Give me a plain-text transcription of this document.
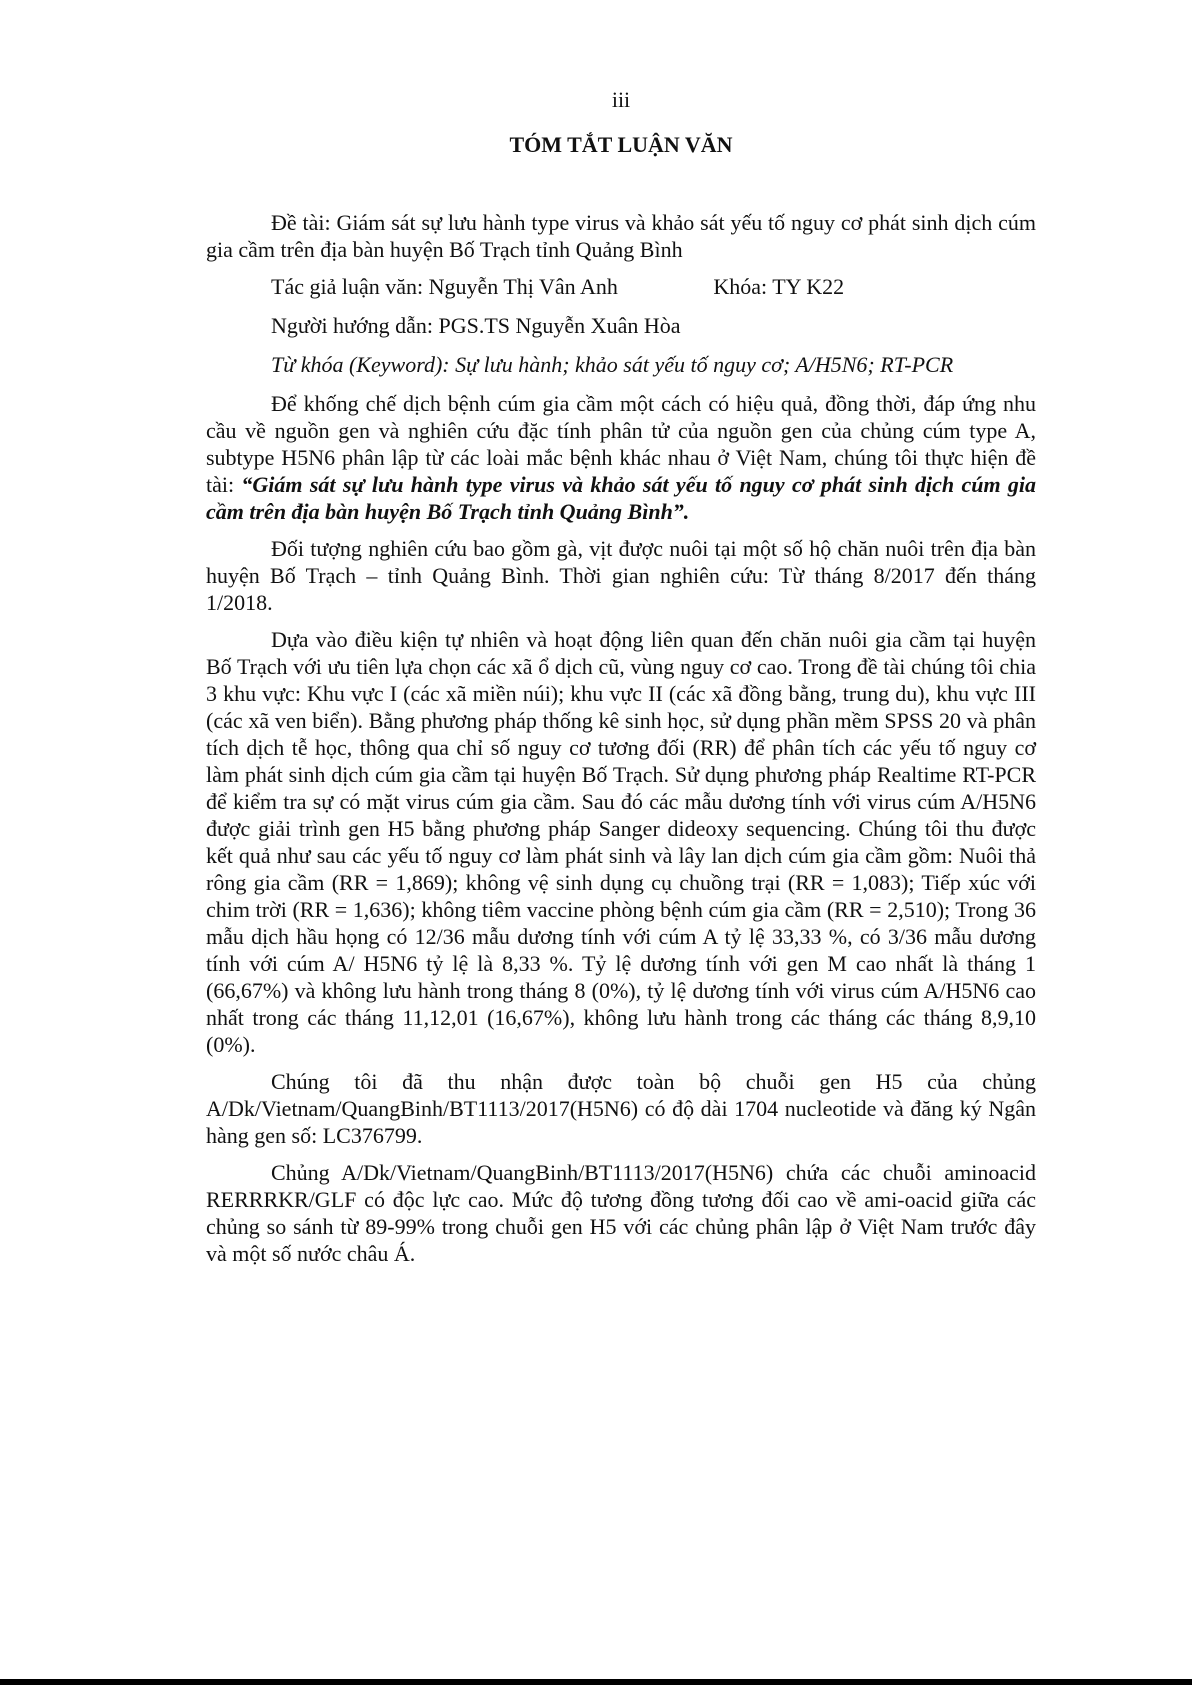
iii
TÓM TẮT LUẬN VĂN

Đề tài: Giám sát sự lưu hành type virus và khảo sát yếu tố nguy cơ phát sinh dịch cúm gia cầm trên địa bàn huyện Bố Trạch tỉnh Quảng Bình

Tác giả luận văn: Nguyễn Thị Vân Anh	Khóa: TY K22
Người hướng dẫn: PGS.TS Nguyễn Xuân Hòa
Từ khóa (Keyword): Sự lưu hành; khảo sát yếu tố nguy cơ; A/H5N6; RT-PCR

Để khống chế dịch bệnh cúm gia cầm một cách có hiệu quả, đồng thời, đáp ứng nhu cầu về nguồn gen và nghiên cứu đặc tính phân tử của nguồn gen của chủng cúm type A, subtype H5N6 phân lập từ các loài mắc bệnh khác nhau ở Việt Nam, chúng tôi thực hiện đề tài: “Giám sát sự lưu hành type virus và khảo sát yếu tố nguy cơ phát sinh dịch cúm gia cầm trên địa bàn huyện Bố Trạch tỉnh Quảng Bình”.

Đối tượng nghiên cứu bao gồm gà, vịt được nuôi tại một số hộ chăn nuôi trên địa bàn huyện Bố Trạch – tỉnh Quảng Bình. Thời gian nghiên cứu: Từ tháng 8/2017 đến tháng 1/2018.

Dựa vào điều kiện tự nhiên và hoạt động liên quan đến chăn nuôi gia cầm tại huyện Bố Trạch với ưu tiên lựa chọn các xã ổ dịch cũ, vùng nguy cơ cao. Trong đề tài chúng tôi chia 3 khu vực: Khu vực I (các xã miền núi); khu vực II (các xã đồng bằng, trung du), khu vực III (các xã ven biển). Bằng phương pháp thống kê sinh học, sử dụng phần mềm SPSS 20 và phân tích dịch tễ học, thông qua chỉ số nguy cơ tương đối (RR) để phân tích các yếu tố nguy cơ làm phát sinh dịch cúm gia cầm tại huyện Bố Trạch. Sử dụng phương pháp Realtime RT-PCR để kiểm tra sự có mặt virus cúm gia cầm. Sau đó các mẫu dương tính với virus cúm A/H5N6 được giải trình gen H5 bằng phương pháp Sanger dideoxy sequencing. Chúng tôi thu được kết quả như sau các yếu tố nguy cơ làm phát sinh và lây lan dịch cúm gia cầm gồm: Nuôi thả rông gia cầm (RR = 1,869); không vệ sinh dụng cụ chuồng trại (RR = 1,083); Tiếp xúc với chim trời (RR = 1,636); không tiêm vaccine phòng bệnh cúm gia cầm (RR = 2,510); Trong 36 mẫu dịch hầu họng có 12/36 mẫu dương tính với cúm A tỷ lệ 33,33 %, có 3/36 mẫu dương tính với cúm A/ H5N6 tỷ lệ là 8,33 %. Tỷ lệ dương tính với gen M cao nhất là tháng 1 (66,67%) và không lưu hành trong tháng 8 (0%), tỷ lệ dương tính với virus cúm A/H5N6 cao nhất trong các tháng 11,12,01 (16,67%), không lưu hành trong các tháng các tháng 8,9,10 (0%).

Chúng tôi đã thu nhận được toàn bộ chuỗi gen H5 của chủng A/Dk/Vietnam/QuangBinh/BT1113/2017(H5N6) có độ dài 1704 nucleotide và đăng ký Ngân hàng gen số: LC376799.

Chủng A/Dk/Vietnam/QuangBinh/BT1113/2017(H5N6) chứa các chuỗi aminoacid RERRRKR/GLF có độc lực cao. Mức độ tương đồng tương đối cao về ami-oacid giữa các chủng so sánh từ 89-99% trong chuỗi gen H5 với các chủng phân lập ở Việt Nam trước đây và một số nước châu Á.
